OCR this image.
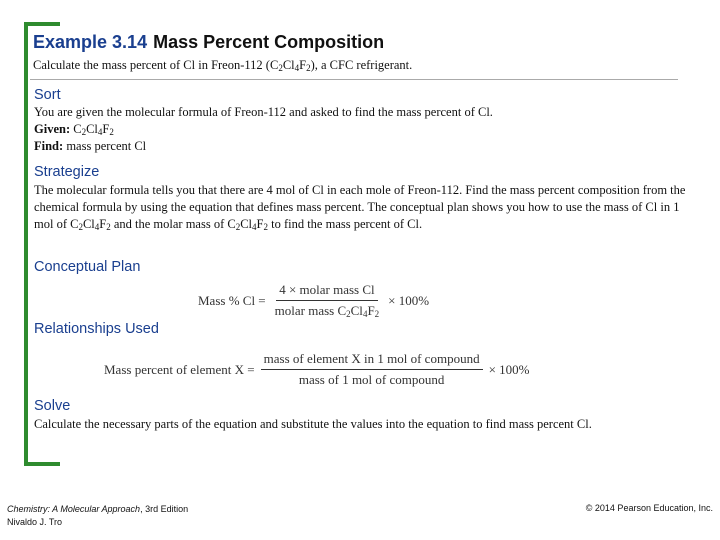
Example 3.14 Mass Percent Composition
Calculate the mass percent of Cl in Freon-112 $(C_2Cl_4F_2)$, a CFC refrigerant.
Sort
You are given the molecular formula of Freon-112 and asked to find the mass percent of Cl.
Given: $C_2Cl_4F_2$
Find: mass percent Cl
Strategize
The molecular formula tells you that there are 4 mol of Cl in each mole of Freon-112. Find the mass percent composition from the chemical formula by using the equation that defines mass percent. The conceptual plan shows you how to use the mass of Cl in 1 mol of $C_2Cl_4F_2$ and the molar mass of $C_2Cl_4F_2$ to find the mass percent of Cl.
Conceptual Plan
Mass % $Cl = \frac{\text{4 × molar mass Cl}}{molar mass C_2Cl_4F_2} \times 100\%$
Relationships Used
Mass percent of element $X = \frac{\text{mass of element X in 1 mol of compound}}{\text{mass of 1 mol of compound}} \times 100\%$
Solve
Calculate the necessary parts of the equation and substitute the values into the equation to find mass percent Cl.
Chemistry: A Molecular Approach, 3rd Edition
Nivaldo J. Tro
© 2014 Pearson Education, Inc.
